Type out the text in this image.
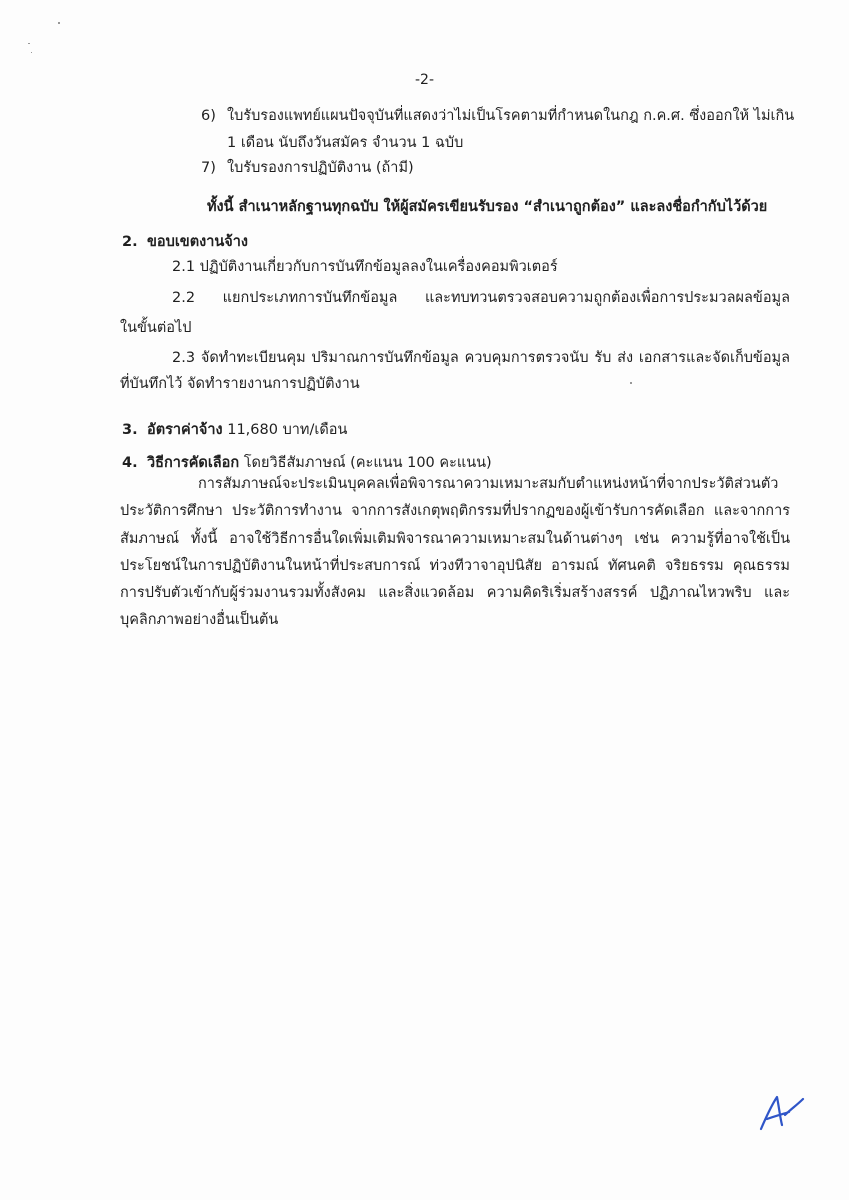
-2-
6) ใบรับรองแพทย์แผนปัจจุบันที่แสดงว่าไม่เป็นโรคตามที่กำหนดในกฎ ก.ค.ศ. ซึ่งออกให้ ไม่เกิน
1 เดือน นับถึงวันสมัคร จำนวน 1 ฉบับ
7) ใบรับรองการปฏิบัติงาน (ถ้ามี)
ทั้งนี้ สำเนาหลักฐานทุกฉบับ ให้ผู้สมัครเขียนรับรอง “สำเนาถูกต้อง” และลงชื่อกำกับไว้ด้วย
2. ขอบเขตงานจ้าง
2.1 ปฏิบัติงานเกี่ยวกับการบันทึกข้อมูลลงในเครื่องคอมพิวเตอร์
2.2 แยกประเภทการบันทึกข้อมูล และทบทวนตรวจสอบความถูกต้องเพื่อการประมวลผลข้อมูล
ในขั้นต่อไป
2.3 จัดทำทะเบียนคุม ปริมาณการบันทึกข้อมูล ควบคุมการตรวจนับ รับ ส่ง เอกสารและจัดเก็บข้อมูล
ที่บันทึกไว้ จัดทำรายงานการปฏิบัติงาน
3. อัตราค่าจ้าง 11,680 บาท/เดือน
4. วิธีการคัดเลือก โดยวิธีสัมภาษณ์ (คะแนน 100 คะแนน)
การสัมภาษณ์จะประเมินบุคคลเพื่อพิจารณาความเหมาะสมกับตำแหน่งหน้าที่จากประวัติส่วนตัว
ประวัติการศึกษา ประวัติการทำงาน จากการสังเกตุพฤติกรรมที่ปรากฏของผู้เข้ารับการคัดเลือก และจากการ
สัมภาษณ์ ทั้งนี้ อาจใช้วิธีการอื่นใดเพิ่มเติมพิจารณาความเหมาะสมในด้านต่างๆ เช่น ความรู้ที่อาจใช้เป็น
ประโยชน์ในการปฏิบัติงานในหน้าที่ประสบการณ์ ท่วงทีวาจาอุปนิสัย อารมณ์ ทัศนคติ จริยธรรม คุณธรรม
การปรับตัวเข้ากับผู้ร่วมงานรวมทั้งสังคม และสิ่งแวดล้อม ความคิดริเริ่มสร้างสรรค์ ปฏิภาณไหวพริบ และ
บุคลิกภาพอย่างอื่นเป็นต้น
